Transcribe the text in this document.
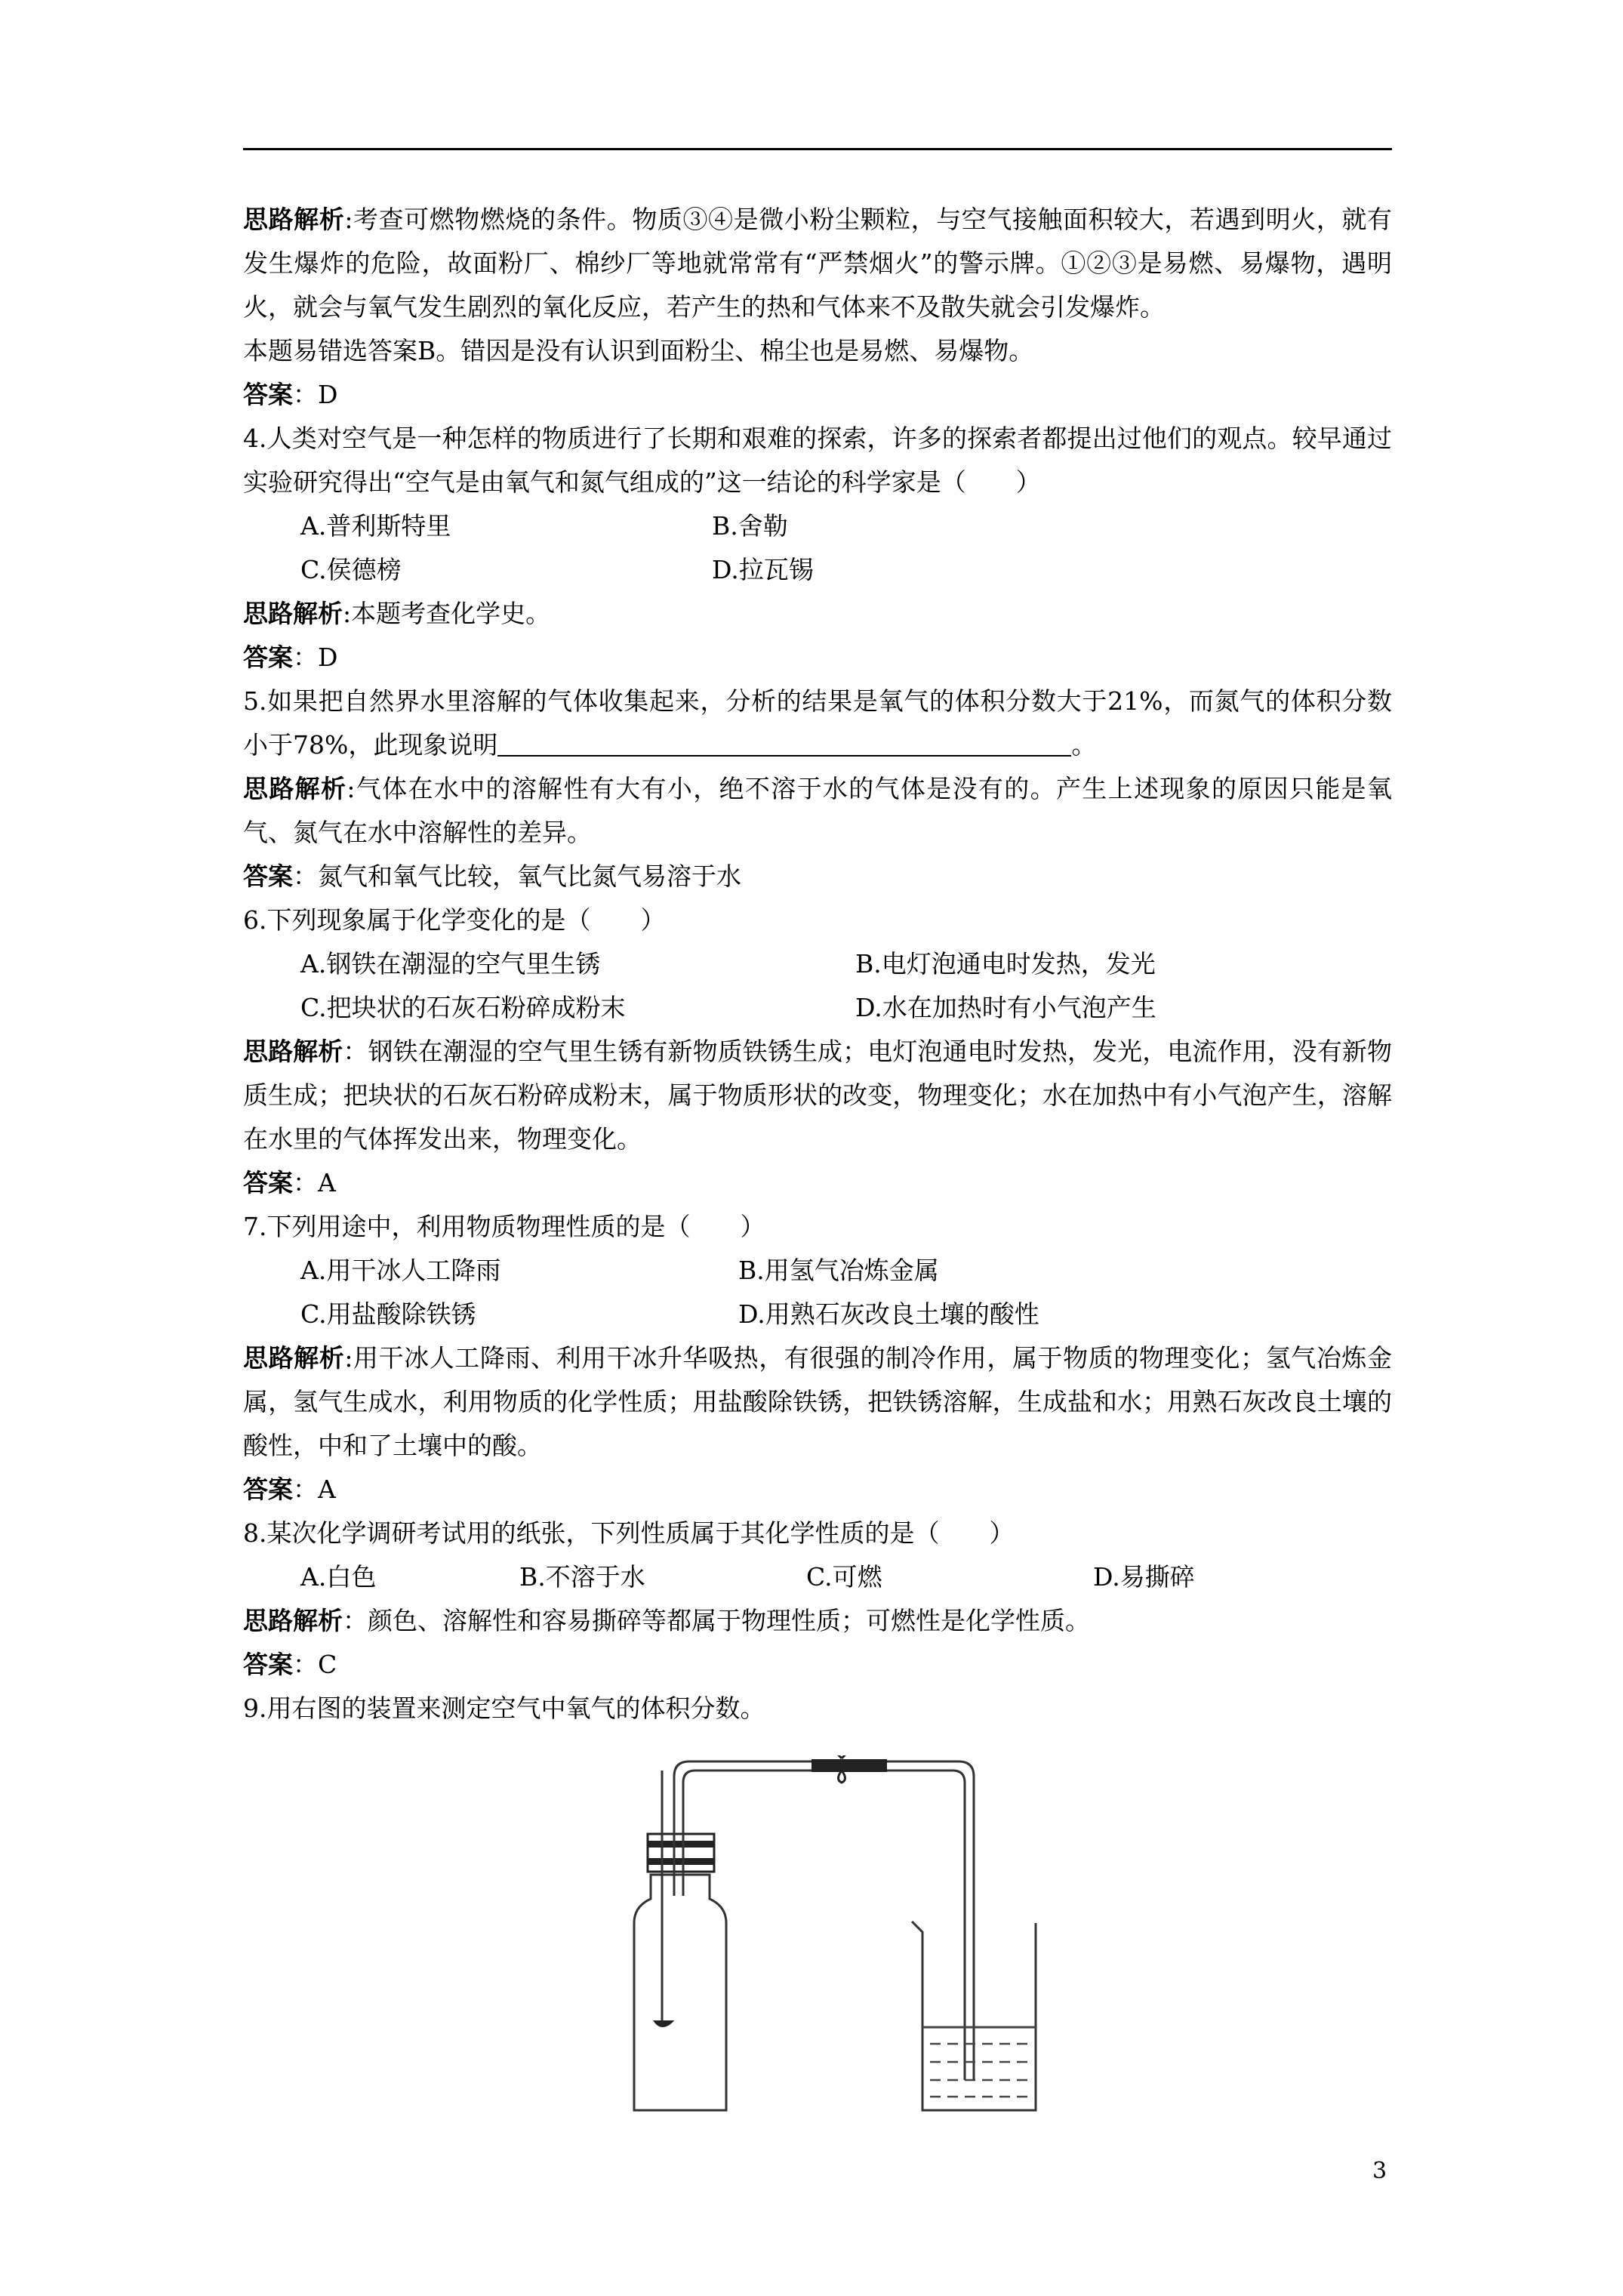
思路解析:考查可燃物燃烧的条件。物质③④是微小粉尘颗粒，与空气接触面积较大，若遇到明火，就有发生爆炸的危险，故面粉厂、棉纱厂等地就常常有“严禁烟火”的警示牌。①②③是易燃、易爆物，遇明火，就会与氧气发生剧烈的氧化反应，若产生的热和气体来不及散失就会引发爆炸。

本题易错选答案B。错因是没有认识到面粉尘、棉尘也是易燃、易爆物。

答案：D

4.人类对空气是一种怎样的物质进行了长期和艰难的探索，许多的探索者都提出过他们的观点。较早通过实验研究得出“空气是由氧气和氮气组成的”这一结论的科学家是（　　）

A.普利斯特里	B.舍勒
C.侯德榜	D.拉瓦锡

思路解析:本题考查化学史。

答案：D

5.如果把自然界水里溶解的气体收集起来，分析的结果是氧气的体积分数大于21%，而氮气的体积分数小于78%，此现象说明	。

思路解析:气体在水中的溶解性有大有小，绝不溶于水的气体是没有的。产生上述现象的原因只能是氧气、氮气在水中溶解性的差异。

答案：氮气和氧气比较，氧气比氮气易溶于水

6.下列现象属于化学变化的是（　　）

A.钢铁在潮湿的空气里生锈	B.电灯泡通电时发热，发光
C.把块状的石灰石粉碎成粉末	D.水在加热时有小气泡产生

思路解析：钢铁在潮湿的空气里生锈有新物质铁锈生成；电灯泡通电时发热，发光，电流作用，没有新物质生成；把块状的石灰石粉碎成粉末，属于物质形状的改变，物理变化；水在加热中有小气泡产生，溶解在水里的气体挥发出来，物理变化。

答案：A

7.下列用途中，利用物质物理性质的是（　　）

A.用干冰人工降雨	B.用氢气冶炼金属
C.用盐酸除铁锈	D.用熟石灰改良土壤的酸性

思路解析:用干冰人工降雨、利用干冰升华吸热，有很强的制冷作用，属于物质的物理变化；氢气冶炼金属，氢气生成水，利用物质的化学性质；用盐酸除铁锈，把铁锈溶解，生成盐和水；用熟石灰改良土壤的酸性，中和了土壤中的酸。

答案：A

8.某次化学调研考试用的纸张，下列性质属于其化学性质的是（　　）

A.白色	B.不溶于水	C.可燃	D.易撕碎

思路解析：颜色、溶解性和容易撕碎等都属于物理性质；可燃性是化学性质。

答案：C

9.用右图的装置来测定空气中氧气的体积分数。

3
